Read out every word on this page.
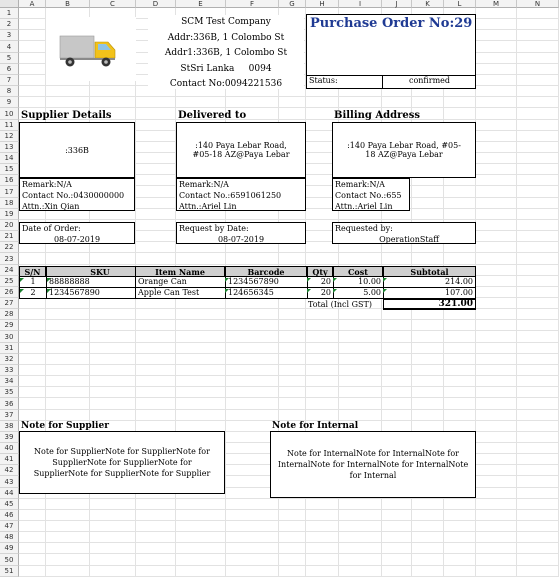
A	B	C	D	E	F	G	H	I	J	K	L	M	N
1
2
3
4
5
6
7
8
9
10
11
12
13
14
15
16
17
18
19
20
21
22
23
24
25
26
27
28
29
30
31
32
33
34
35
36
37
38
39
40
41
42
43
44
45
46
47
48
49
50
51
SCM Test Company
Addr:336B, 1 Colombo St
Addr1:336B, 1 Colombo St
StSri Lanka     0094
Contact No:0094221536
Purchase Order No:29
Status:	confirmed
Supplier Details
:336B
Remark:N/A
Contact No.:0430000000
Attn.:Xin Qian
Date of Order:
08-07-2019
Delivered to
:140 Paya Lebar Road,
#05-18 AZ@Paya Lebar
Remark:N/A
Contact No.:6591061250
Attn.:Ariel Lin
Request by Date:
08-07-2019
Billing Address
:140 Paya Lebar Road, #05-
18 AZ@Paya Lebar
Remark:N/A
Contact No.:655
Attn.:Ariel Lin
Requested by:
OperationStaff
S/N	SKU	Item Name	Barcode	Qty	Cost	Subtotal
1	88888888	Orange Can	1234567890	20	10.00	214.00
2	1234567890	Apple Can Test	124656345	20	5.00	107.00
Total (Incl GST)	321.00
Note for Supplier
Note for SupplierNote for SupplierNote for SupplierNote for SupplierNote for SupplierNote for SupplierNote for Supplier
Note for Internal
Note for InternalNote for InternalNote for InternalNote for InternalNote for InternalNote for Internal
